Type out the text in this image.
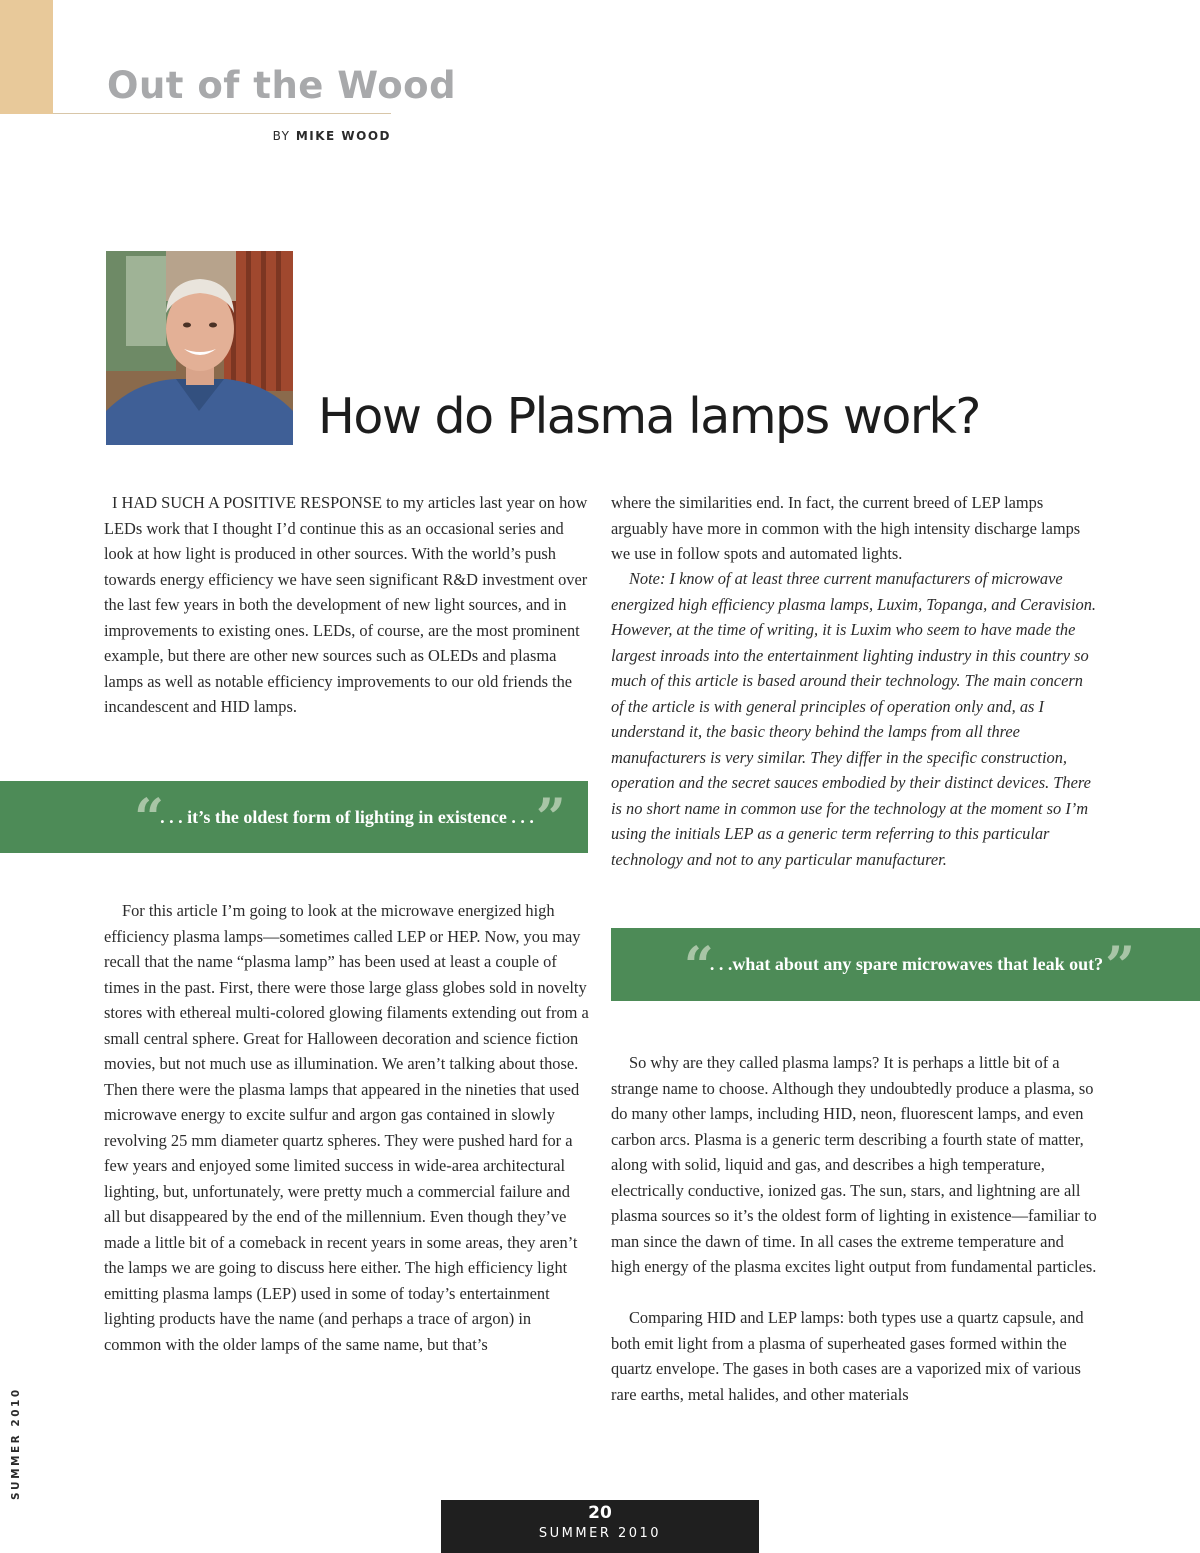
Out of the Wood
BY MIKE WOOD
How do Plasma lamps work?

I HAD SUCH A POSITIVE RESPONSE to my articles last year on how LEDs work that I thought I’d continue this as an occasional series and look at how light is produced in other sources. With the world’s push towards energy efficiency we have seen significant R&D investment over the last few years in both the development of new light sources, and in improvements to existing ones. LEDs, of course, are the most prominent example, but there are other new sources such as OLEDs and plasma lamps as well as notable efficiency improvements to our old friends the incandescent and HID lamps.

“ . . . it’s the oldest form of lighting in existence . . . ”

For this article I’m going to look at the microwave energized high efficiency plasma lamps—sometimes called LEP or HEP. Now, you may recall that the name “plasma lamp” has been used at least a couple of times in the past. First, there were those large glass globes sold in novelty stores with ethereal multi-colored glowing filaments extending out from a small central sphere. Great for Halloween decoration and science fiction movies, but not much use as illumination. We aren’t talking about those. Then there were the plasma lamps that appeared in the nineties that used microwave energy to excite sulfur and argon gas contained in slowly revolving 25 mm diameter quartz spheres. They were pushed hard for a few years and enjoyed some limited success in wide-area architectural lighting, but, unfortunately, were pretty much a commercial failure and all but disappeared by the end of the millennium. Even though they’ve made a little bit of a comeback in recent years in some areas, they aren’t the lamps we are going to discuss here either. The high efficiency light emitting plasma lamps (LEP) used in some of today’s entertainment lighting products have the name (and perhaps a trace of argon) in common with the older lamps of the same name, but that’s

where the similarities end. In fact, the current breed of LEP lamps arguably have more in common with the high intensity discharge lamps we use in follow spots and automated lights.

Note: I know of at least three current manufacturers of microwave energized high efficiency plasma lamps, Luxim, Topanga, and Ceravision. However, at the time of writing, it is Luxim who seem to have made the largest inroads into the entertainment lighting industry in this country so much of this article is based around their technology. The main concern of the article is with general principles of operation only and, as I understand it, the basic theory behind the lamps from all three manufacturers is very similar. They differ in the specific construction, operation and the secret sauces embodied by their distinct devices. There is no short name in common use for the technology at the moment so I’m using the initials LEP as a generic term referring to this particular technology and not to any particular manufacturer.

“ . . .what about any spare microwaves that leak out? ”

So why are they called plasma lamps? It is perhaps a little bit of a strange name to choose. Although they undoubtedly produce a plasma, so do many other lamps, including HID, neon, fluorescent lamps, and even carbon arcs. Plasma is a generic term describing a fourth state of matter, along with solid, liquid and gas, and describes a high temperature, electrically conductive, ionized gas. The sun, stars, and lightning are all plasma sources so it’s the oldest form of lighting in existence—familiar to man since the dawn of time. In all cases the extreme temperature and high energy of the plasma excites light output from fundamental particles.

Comparing HID and LEP lamps: both types use a quartz capsule, and both emit light from a plasma of superheated gases formed within the quartz envelope. The gases in both cases are a vaporized mix of various rare earths, metal halides, and other materials

SUMMER 2010
20
SUMMER 2010
